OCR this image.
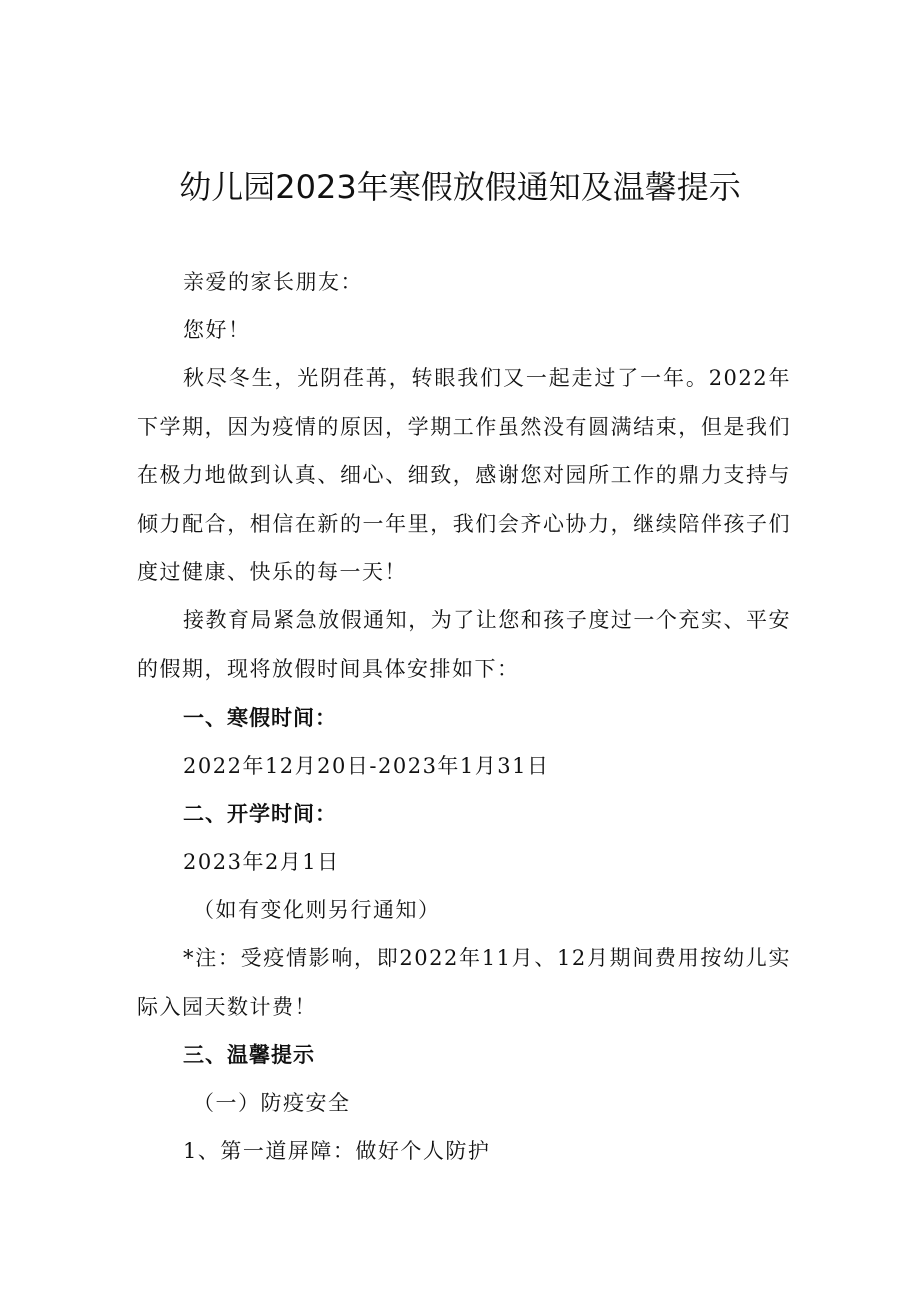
幼儿园2023年寒假放假通知及温馨提示

亲爱的家长朋友：

您好！

秋尽冬生，光阴荏苒，转眼我们又一起走过了一年。2022年下学期，因为疫情的原因，学期工作虽然没有圆满结束，但是我们在极力地做到认真、细心、细致，感谢您对园所工作的鼎力支持与倾力配合，相信在新的一年里，我们会齐心协力，继续陪伴孩子们度过健康、快乐的每一天！

接教育局紧急放假通知，为了让您和孩子度过一个充实、平安的假期，现将放假时间具体安排如下：

一、寒假时间：

2022年12月20日-2023年1月31日

二、开学时间：

2023年2月1日

（如有变化则另行通知）

*注：受疫情影响，即2022年11月、12月期间费用按幼儿实际入园天数计费！

三、温馨提示

（一）防疫安全

1、第一道屏障：做好个人防护
